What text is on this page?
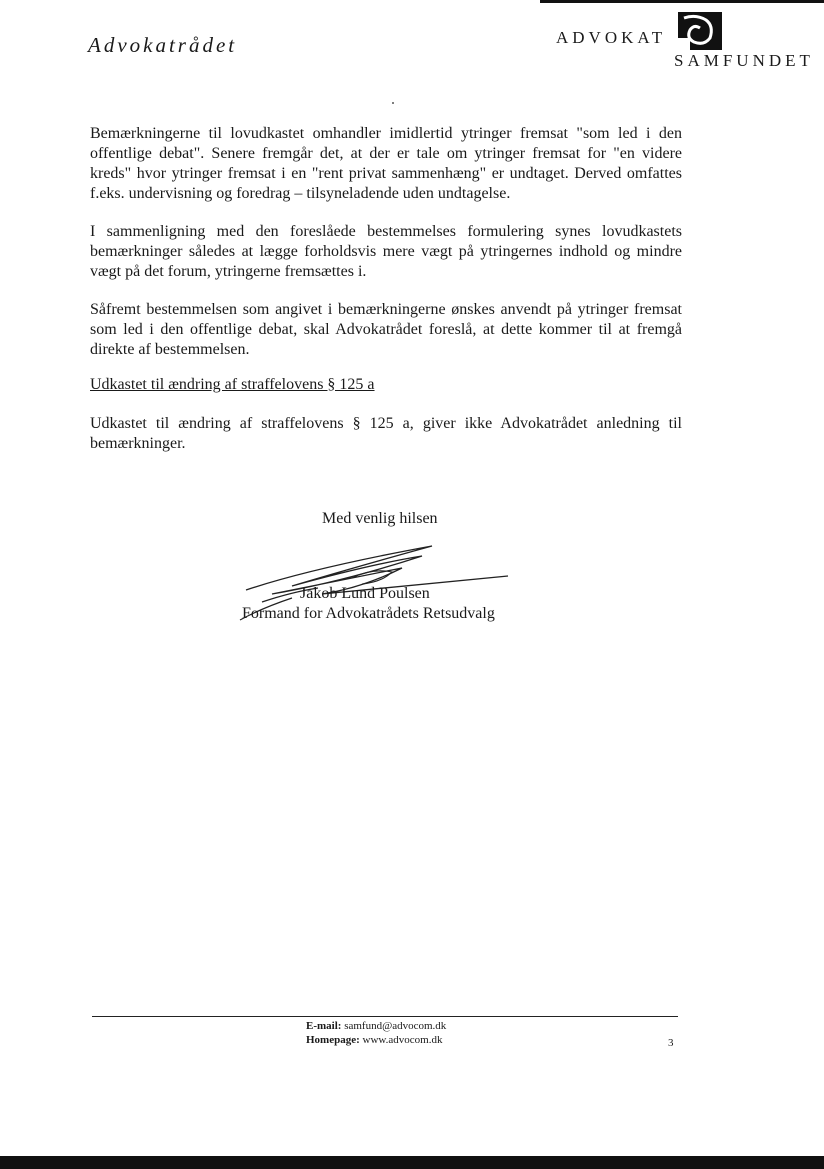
Advokatrådet	ADVOKAT
SAMFUNDET
Bemærkningerne til lovudkastet omhandler imidlertid ytringer fremsat "som led i den offentlige debat". Senere fremgår det, at der er tale om ytringer fremsat for "en videre kreds" hvor ytringer fremsat i en "rent privat sammenhæng" er undtaget. Derved omfattes f.eks. undervisning og foredrag – tilsyneladende uden undtagelse.
I sammenligning med den foreslåede bestemmelses formulering synes lovudkastets bemærkninger således at lægge forholdsvis mere vægt på ytringernes indhold og mindre vægt på det forum, ytringerne fremsættes i.
Såfremt bestemmelsen som angivet i bemærkningerne ønskes anvendt på ytringer fremsat som led i den offentlige debat, skal Advokatrådet foreslå, at dette kommer til at fremgå direkte af bestemmelsen.
Udkastet til ændring af straffelovens § 125 a
Udkastet til ændring af straffelovens § 125 a, giver ikke Advokatrådet anledning til bemærkninger.
Med venlig hilsen
Jakob Lund Poulsen
Formand for Advokatrådets Retsudvalg
E-mail: samfund@advocom.dk
Homepage: www.advocom.dk	3
